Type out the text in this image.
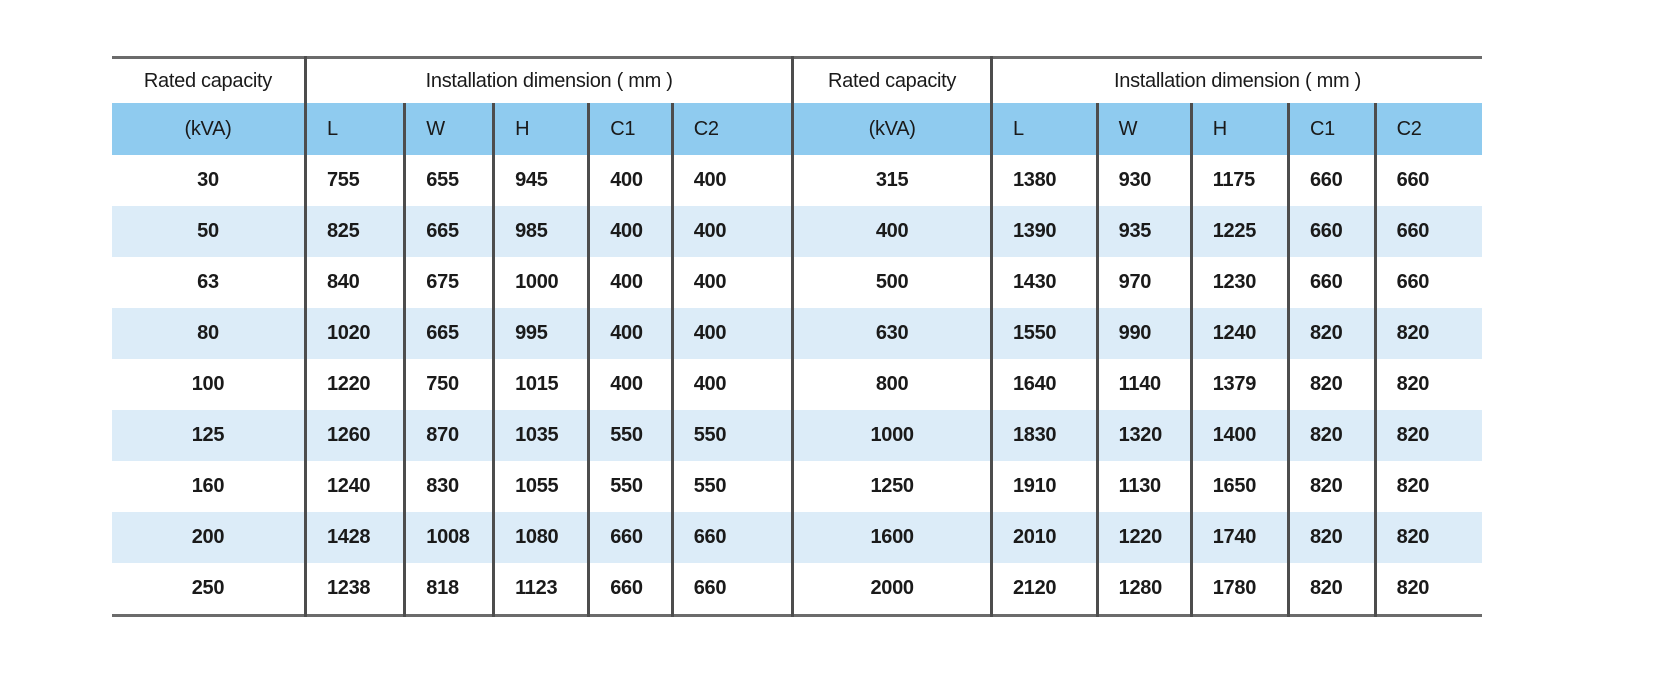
Rated capacity	Installation dimension ( mm )					Rated capacity	Installation dimension ( mm )				
(kVA)	L	W	H	C1	C2	(kVA)	L	W	H	C1	C2
30	755	655	945	400	400	315	1380	930	1175	660	660
50	825	665	985	400	400	400	1390	935	1225	660	660
63	840	675	1000	400	400	500	1430	970	1230	660	660
80	1020	665	995	400	400	630	1550	990	1240	820	820
100	1220	750	1015	400	400	800	1640	1140	1379	820	820
125	1260	870	1035	550	550	1000	1830	1320	1400	820	820
160	1240	830	1055	550	550	1250	1910	1130	1650	820	820
200	1428	1008	1080	660	660	1600	2010	1220	1740	820	820
250	1238	818	1123	660	660	2000	2120	1280	1780	820	820
